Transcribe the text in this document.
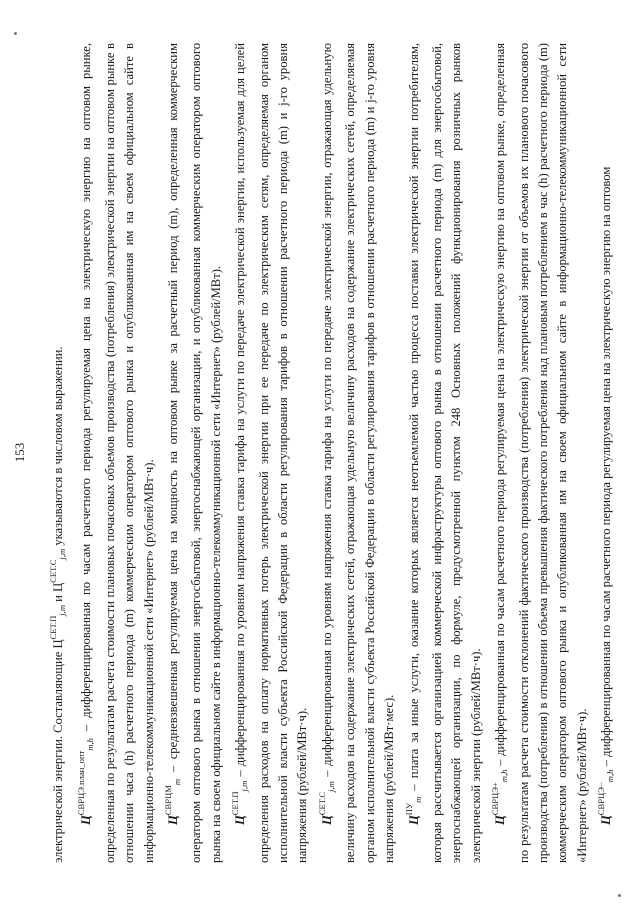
153

электрической энергии. Составляющие $Ц^{СЕТ.П}_{j,m}$ и $Ц^{СЕТ.С}_{j,m}$ указываются в числовом выражении.

$Ц^{СВРЦЭ.план\_опт}_{m,h}$ – дифференцированная по часам расчетного периода регулируемая цена на электрическую энергию на оптовом рынке, определенная по результатам расчета стоимости плановых почасовых объемов производства (потребления) электрической энергии на оптовом рынке в отношении часа (h) расчетного периода (m) коммерческим оператором оптового рынка и опубликованная им на своем официальном сайте в информационно-телекоммуникационной сети «Интернет» (рублей/МВт·ч). $Ц^{СВРЦМ}_m$ – средневзвешенная регулируемая цена на мощность на оптовом рынке за расчетный период (m), определенная коммерческим оператором оптового рынка в отношении энергосбытовой, энергоснабжающей организации, и опубликованная коммерческим оператором оптового рынка на своем официальном сайте в информационно-телекоммуникационной сети «Интернет» (рублей/МВт). $Ц^{СЕТ.П}_{j,m}$ – дифференцированная по уровням напряжения ставка тарифа на услуги по передаче электрической энергии, используемая для целей определения расходов на оплату нормативных потерь электрической энергии при ее передаче по электрическим сетям, определяемая органом исполнительной власти субъекта Российской Федерации в области регулирования тарифов в отношении расчетного периода (m) и j-го уровня напряжения (рублей/МВт·ч). $Ц^{СЕТ.С}_{j,m}$ – дифференцированная по уровням напряжения ставка тарифа на услуги по передаче электрической энергии, отражающая удельную величину расходов на содержание электрических сетей, отражающая удельную величину расходов на содержание электрических сетей, определяемая органом исполнительной власти субъекта Российской Федерации в области регулирования тарифов в отношении расчетного периода (m) и j-го уровня напряжения (рублей/МВт·мес). $Ц^{ПУ}_m$ – плата за иные услуги, оказание которых является неотъемлемой частью процесса поставки электрической энергии потребителям, которая рассчитывается организацией коммерческой инфраструктуры оптового рынка в отношении расчетного периода (m) для энергосбытовой, энергоснабжающей организации, по формуле, предусмотренной пунктом 248 Основных положений функционирования розничных рынков электрической энергии (рублей/МВт·ч). $Ц^{СВРЦЭ+}_{m,h}$ – дифференцированная по часам расчетного периода регулируемая цена на электрическую энергию на оптовом рынке, определенная по результатам расчета стоимости отклонений фактического производства (потребления) электрической энергии от объемов их планового почасового производства (потребления) в отношении объема превышения фактического потребления над плановым потреблением в час (h) расчетного периода (m) коммерческим оператором оптового рынка и опубликованная им на своем официальном сайте в информационно-телекоммуникационной сети «Интернет» (рублей/МВт·ч). $Ц^{СВРЦЭ-}_{m,h}$ – дифференцированная по часам расчетного периода регулируемая цена на электрическую энергию на оптовом
